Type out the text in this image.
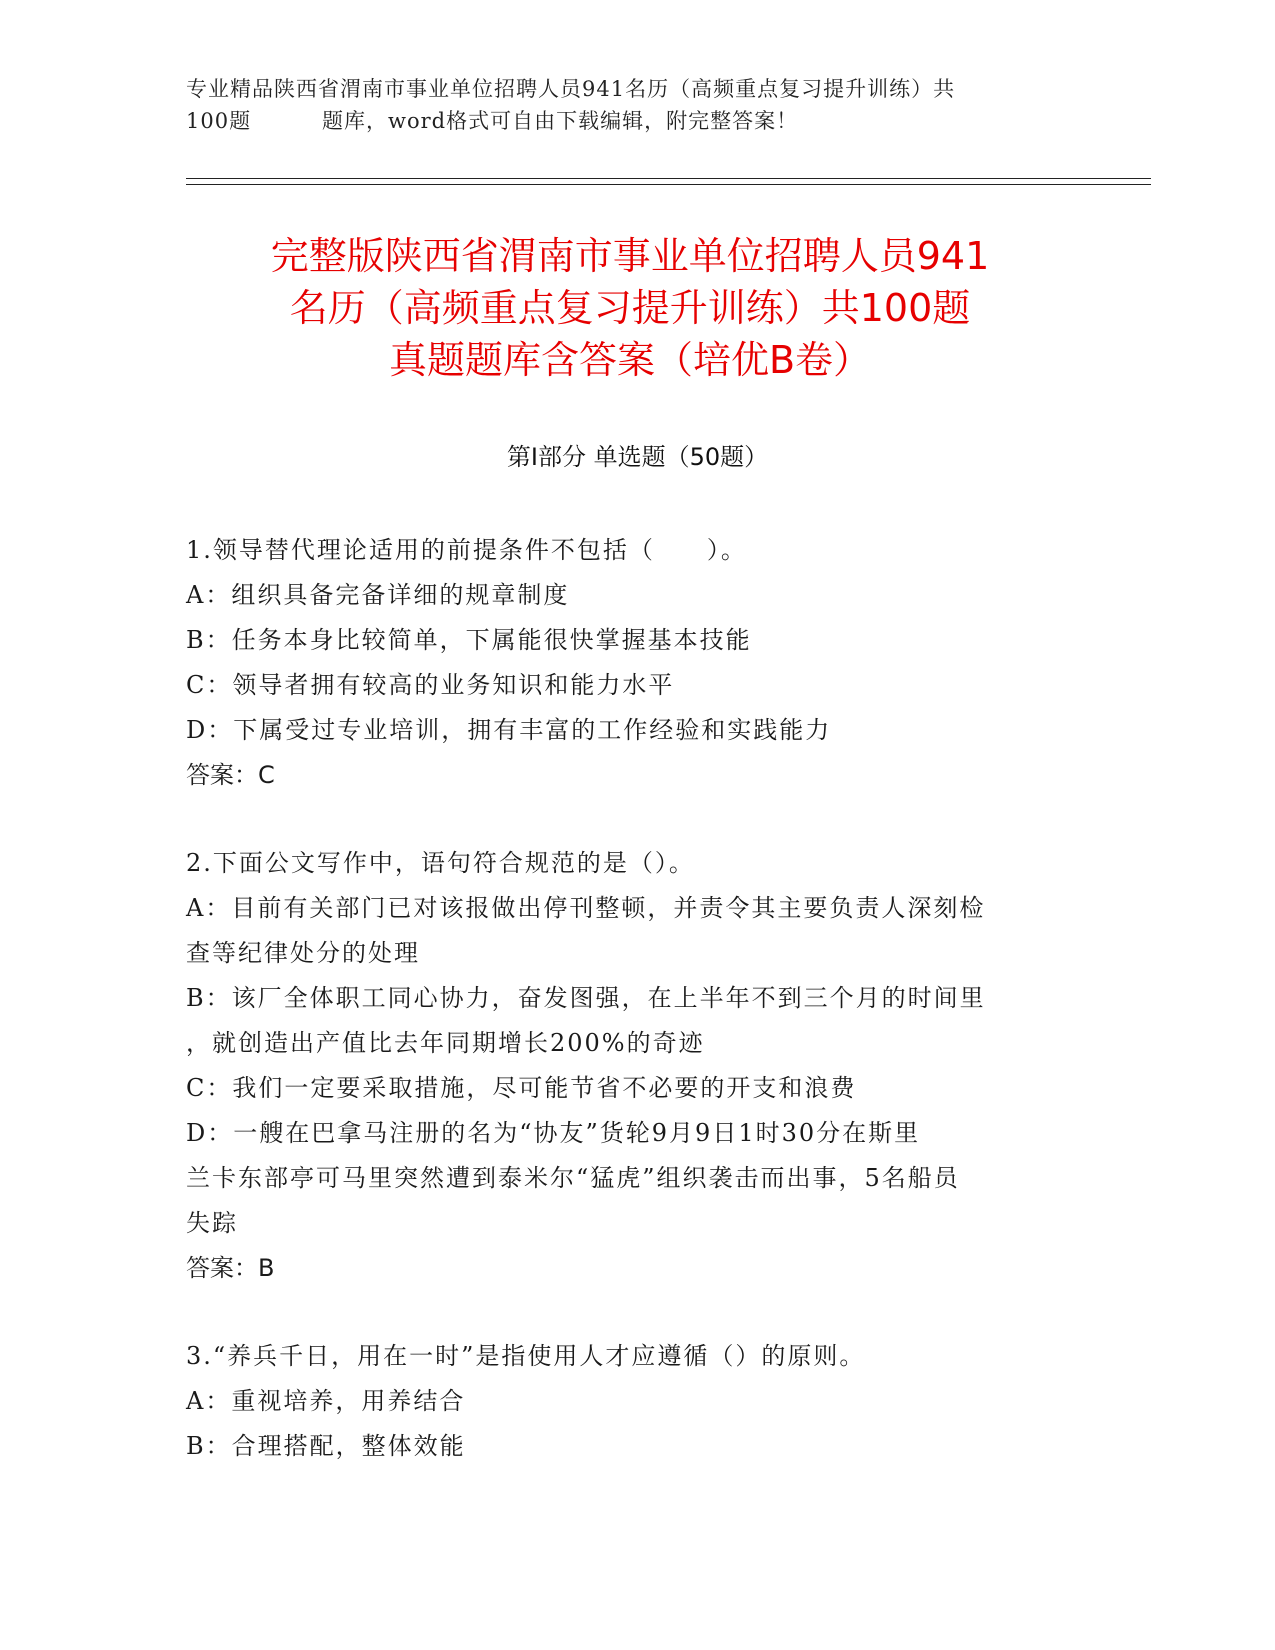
专业精品陕西省渭南市事业单位招聘人员941名历（高频重点复习提升训练）共
100题	题库，word格式可自由下载编辑，附完整答案！
完整版陕西省渭南市事业单位招聘人员941
名历（高频重点复习提升训练）共100题
真题题库含答案（培优B卷）
第Ⅰ部分 单选题（50题）
1.领导替代理论适用的前提条件不包括（　　）。
A：组织具备完备详细的规章制度
B：任务本身比较简单，下属能很快掌握基本技能
C：领导者拥有较高的业务知识和能力水平
D：下属受过专业培训，拥有丰富的工作经验和实践能力
答案：C
2.下面公文写作中，语句符合规范的是（）。
A：目前有关部门已对该报做出停刊整顿，并责令其主要负责人深刻检
查等纪律处分的处理
B：该厂全体职工同心协力，奋发图强，在上半年不到三个月的时间里
，就创造出产值比去年同期增长200%的奇迹
C：我们一定要采取措施，尽可能节省不必要的开支和浪费
D：一艘在巴拿马注册的名为“协友”货轮9月9日1时30分在斯里
兰卡东部亭可马里突然遭到泰米尔“猛虎”组织袭击而出事，5名船员
失踪
答案：B
3.“养兵千日，用在一时”是指使用人才应遵循（）的原则。
A：重视培养，用养结合
B：合理搭配，整体效能
